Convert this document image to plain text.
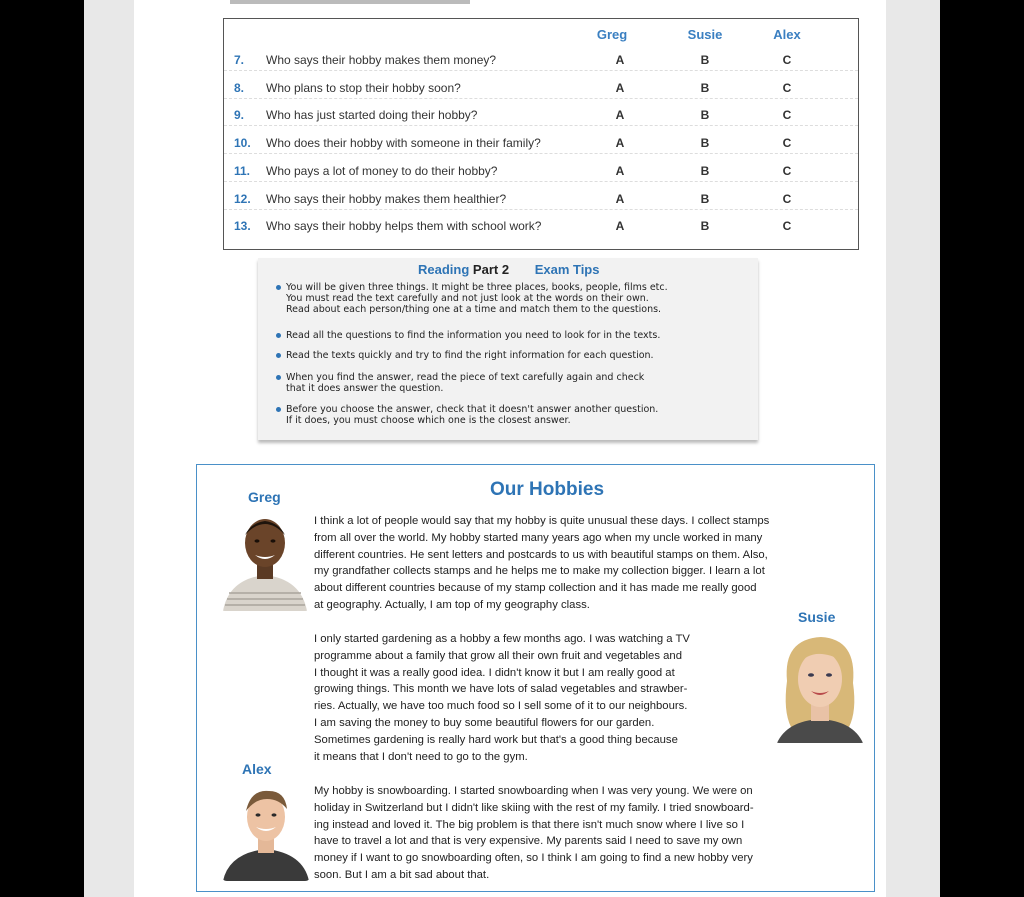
Greg	Susie	Alex
7. Who says their hobby makes them money?	A	B	C
8. Who plans to stop their hobby soon?	A	B	C
9. Who has just started doing their hobby?	A	B	C
10. Who does their hobby with someone in their family?	A	B	C
11. Who pays a lot of money to do their hobby?	A	B	C
12. Who says their hobby makes them healthier?	A	B	C
13. Who says their hobby helps them with school work?	A	B	C
Reading Part 2 Exam Tips
You will be given three things. It might be three places, books, people, films etc.
You must read the text carefully and not just look at the words on their own.
Read about each person/thing one at a time and match them to the questions.
Read all the questions to find the information you need to look for in the texts.
Read the texts quickly and try to find the right information for each question.
When you find the answer, read the piece of text carefully again and check
that it does answer the question.
Before you choose the answer, check that it doesn't answer another question.
If it does, you must choose which one is the closest answer.
Our Hobbies
Greg
I think a lot of people would say that my hobby is quite unusual these days. I collect stamps
from all over the world. My hobby started many years ago when my uncle worked in many
different countries. He sent letters and postcards to us with beautiful stamps on them. Also,
my grandfather collects stamps and he helps me to make my collection bigger. I learn a lot
about different countries because of my stamp collection and it has made me really good
at geography. Actually, I am top of my geography class.
Susie
I only started gardening as a hobby a few months ago. I was watching a TV
programme about a family that grow all their own fruit and vegetables and
I thought it was a really good idea. I didn't know it but I am really good at
growing things. This month we have lots of salad vegetables and strawber-
ries. Actually, we have too much food so I sell some of it to our neighbours.
I am saving the money to buy some beautiful flowers for our garden.
Sometimes gardening is really hard work but that's a good thing because
it means that I don't need to go to the gym.
Alex
My hobby is snowboarding. I started snowboarding when I was very young. We were on
holiday in Switzerland but I didn't like skiing with the rest of my family. I tried snowboard-
ing instead and loved it. The big problem is that there isn't much snow where I live so I
have to travel a lot and that is very expensive. My parents said I need to save my own
money if I want to go snowboarding often, so I think I am going to find a new hobby very
soon. But I am a bit sad about that.
